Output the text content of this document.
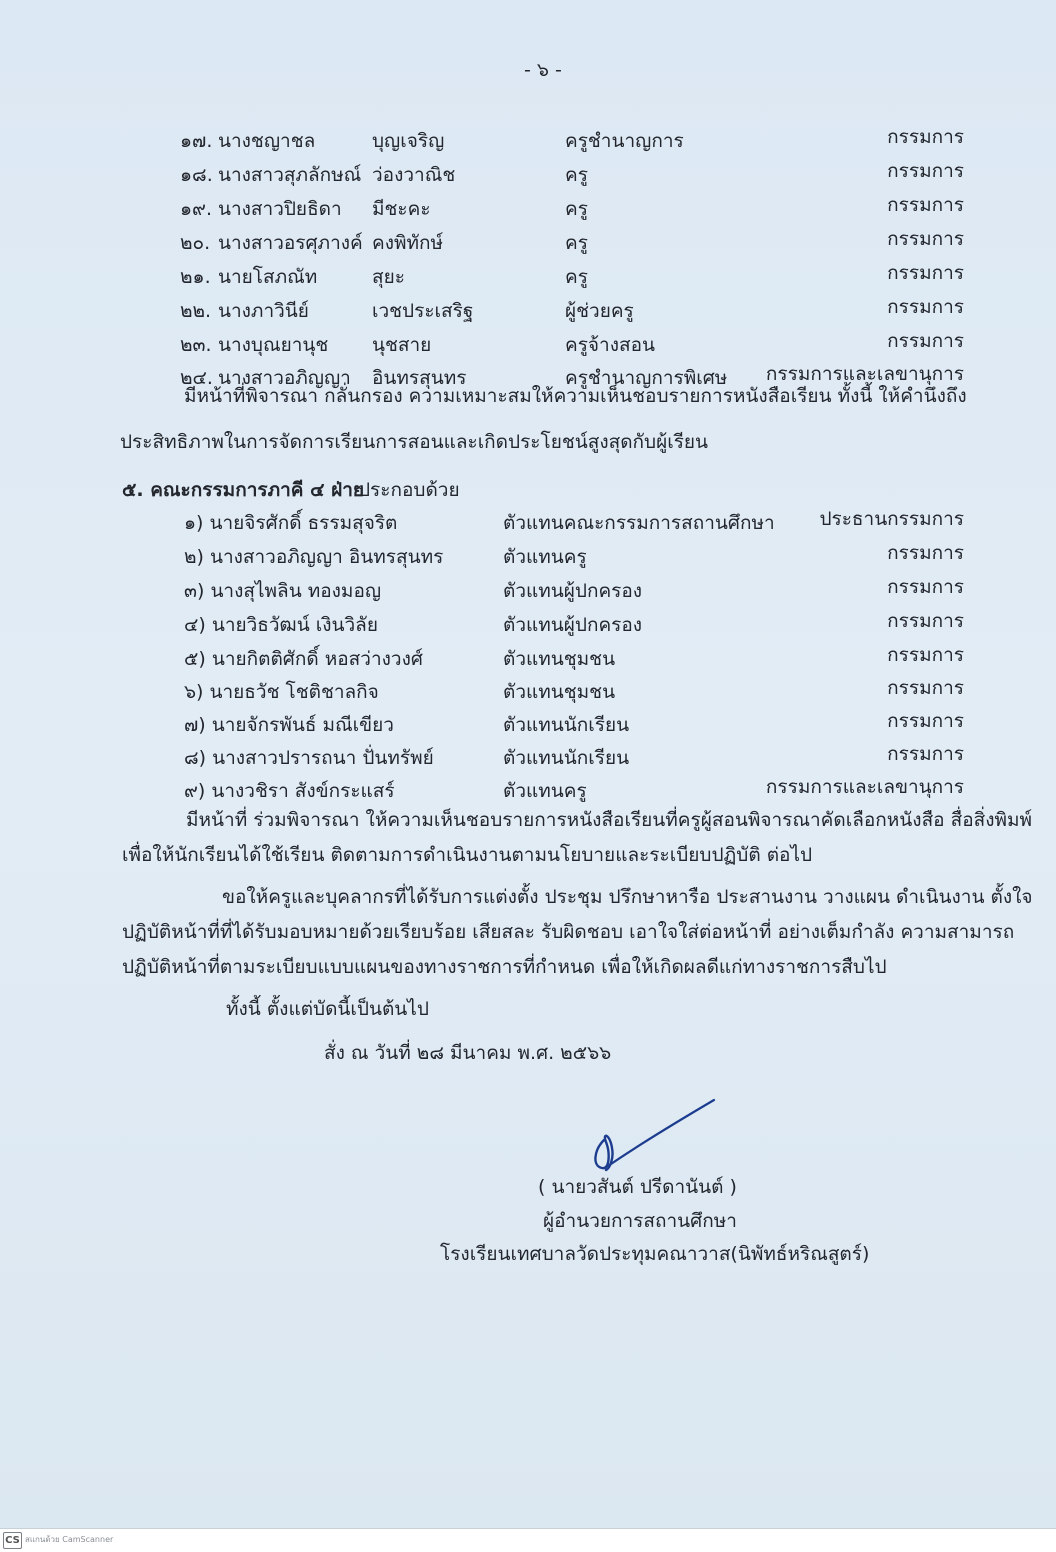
- ๖ -
๑๗. นางชญาชล	บุญเจริญ	ครูชำนาญการ	กรรมการ
๑๘. นางสาวสุภลักษณ์ ว่องวาณิช	ครู	กรรมการ
๑๙. นางสาวปิยธิดา มีชะคะ	ครู	กรรมการ
๒๐. นางสาวอรศุภางค์ คงพิทักษ์	ครู	กรรมการ
๒๑. นายโสภณัท	สุยะ	ครู	กรรมการ
๒๒. นางภาวินีย์	เวชประเสริฐ	ผู้ช่วยครู	กรรมการ
๒๓. นางบุณยานุช นุชสาย	ครูจ้างสอน	กรรมการ
๒๔. นางสาวอภิญญา อินทรสุนทร	ครูชำนาญการพิเศษ กรรมการและเลขานุการ
มีหน้าที่พิจารณา กลั่นกรอง ความเหมาะสมให้ความเห็นชอบรายการหนังสือเรียน ทั้งนี้ ให้คำนึงถึง
ประสิทธิภาพในการจัดการเรียนการสอนและเกิดประโยชน์สูงสุดกับผู้เรียน
๕. คณะกรรมการภาคี ๔ ฝ่าย
ประกอบด้วย
๑) นายจิรศักดิ์ ธรรมสุจริต	ตัวแทนคณะกรรมการสถานศึกษา ประธานกรรมการ
๒) นางสาวอภิญญา อินทรสุนทร	ตัวแทนครู	กรรมการ
๓) นางสุไพลิน ทองมอญ	ตัวแทนผู้ปกครอง	กรรมการ
๔) นายวิธวัฒน์ เงินวิลัย	ตัวแทนผู้ปกครอง	กรรมการ
๕) นายกิตติศักดิ์ หอสว่างวงศ์	ตัวแทนชุมชน	กรรมการ
๖) นายธวัช โชติชาลกิจ	ตัวแทนชุมชน	กรรมการ
๗) นายจักรพันธ์ มณีเขียว	ตัวแทนนักเรียน	กรรมการ
๘) นางสาวปรารถนา ปั่นทรัพย์	ตัวแทนนักเรียน	กรรมการ
๙) นางวชิรา สังข์กระแสร์	ตัวแทนครู	กรรมการและเลขานุการ
มีหน้าที่ ร่วมพิจารณา ให้ความเห็นชอบรายการหนังสือเรียนที่ครูผู้สอนพิจารณาคัดเลือกหนังสือ สื่อสิ่งพิมพ์
เพื่อให้นักเรียนได้ใช้เรียน ติดตามการดำเนินงานตามนโยบายและระเบียบปฏิบัติ ต่อไป
ขอให้ครูและบุคลากรที่ได้รับการแต่งตั้ง ประชุม ปรึกษาหารือ ประสานงาน วางแผน ดำเนินงาน ตั้งใจ
ปฏิบัติหน้าที่ที่ได้รับมอบหมายด้วยเรียบร้อย เสียสละ รับผิดชอบ เอาใจใส่ต่อหน้าที่ อย่างเต็มกำลัง ความสามารถ
ปฏิบัติหน้าที่ตามระเบียบแบบแผนของทางราชการที่กำหนด เพื่อให้เกิดผลดีแก่ทางราชการสืบไป
ทั้งนี้ ตั้งแต่บัดนี้เป็นต้นไป
สั่ง ณ วันที่ ๒๘ มีนาคม พ.ศ. ๒๕๖๖
( นายวสันต์ ปรีดานันต์ )
ผู้อำนวยการสถานศึกษา
โรงเรียนเทศบาลวัดประทุมคณาวาส(นิพัทธ์หริณสูตร์)
CS สแกนด้วย CamScanner
